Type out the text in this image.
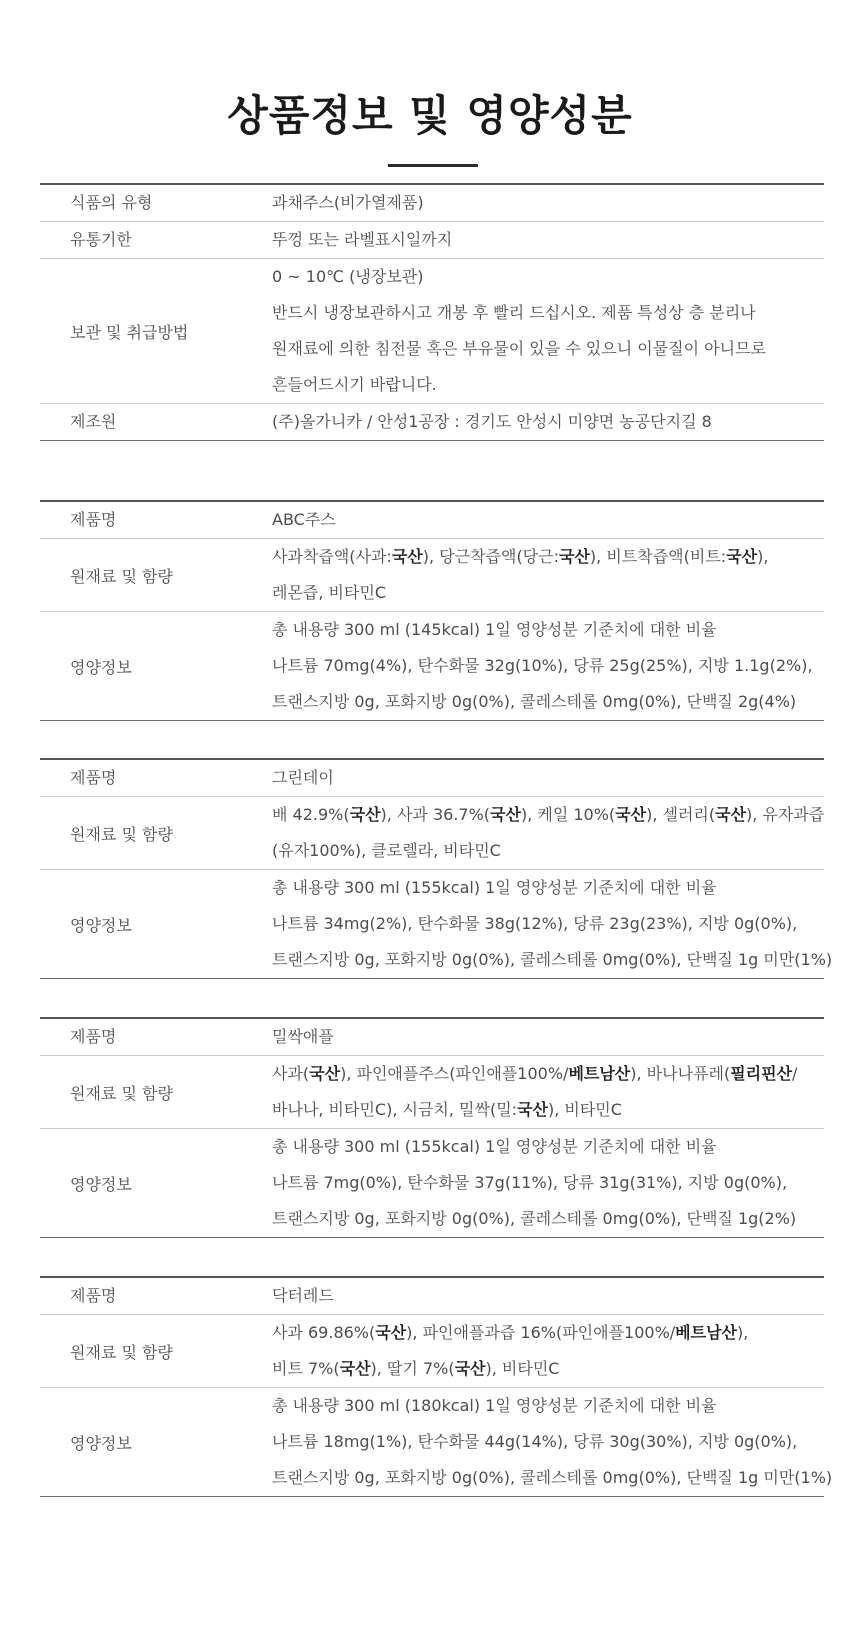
상품정보 및 영양성분
식품의 유형	과채주스(비가열제품)
유통기한	뚜껑 또는 라벨표시일까지
보관 및 취급방법	0 ~ 10℃ (냉장보관)
반드시 냉장보관하시고 개봉 후 빨리 드십시오. 제품 특성상 층 분리나
원재료에 의한 침전물 혹은 부유물이 있을 수 있으니 이물질이 아니므로
흔들어드시기 바랍니다.

제조원	(주)올가니카 / 안성1공장 : 경기도 안성시 미양면 농공단지길 8
제품명	ABC주스
원재료 및 함량	사과착즙액(사과:국산), 당근착즙액(당근:국산), 비트착즙액(비트:국산),
레몬즙, 비타민C

영양정보	총 내용량 300 ml (145kcal) 1일 영양성분 기준치에 대한 비율
나트륨 70mg(4%), 탄수화물 32g(10%), 당류 25g(25%), 지방 1.1g(2%),
트랜스지방 0g, 포화지방 0g(0%), 콜레스테롤 0mg(0%), 단백질 2g(4%)
제품명	그린데이
원재료 및 함량	배 42.9%(국산), 사과 36.7%(국산), 케일 10%(국산), 셀러리(국산), 유자과즙
(유자100%), 클로렐라, 비타민C

영양정보	총 내용량 300 ml (155kcal) 1일 영양성분 기준치에 대한 비율
나트륨 34mg(2%), 탄수화물 38g(12%), 당류 23g(23%), 지방 0g(0%),
트랜스지방 0g, 포화지방 0g(0%), 콜레스테롤 0mg(0%), 단백질 1g 미만(1%)
제품명	밀싹애플
원재료 및 함량	사과(국산), 파인애플주스(파인애플100%/베트남산), 바나나퓨레(필리핀산/
바나나, 비타민C), 시금치, 밀싹(밀:국산), 비타민C

영양정보	총 내용량 300 ml (155kcal) 1일 영양성분 기준치에 대한 비율
나트륨 7mg(0%), 탄수화물 37g(11%), 당류 31g(31%), 지방 0g(0%),
트랜스지방 0g, 포화지방 0g(0%), 콜레스테롤 0mg(0%), 단백질 1g(2%)
제품명	닥터레드
원재료 및 함량	사과 69.86%(국산), 파인애플과즙 16%(파인애플100%/베트남산),
비트 7%(국산), 딸기 7%(국산), 비타민C

영양정보	총 내용량 300 ml (180kcal) 1일 영양성분 기준치에 대한 비율
나트륨 18mg(1%), 탄수화물 44g(14%), 당류 30g(30%), 지방 0g(0%),
트랜스지방 0g, 포화지방 0g(0%), 콜레스테롤 0mg(0%), 단백질 1g 미만(1%)
